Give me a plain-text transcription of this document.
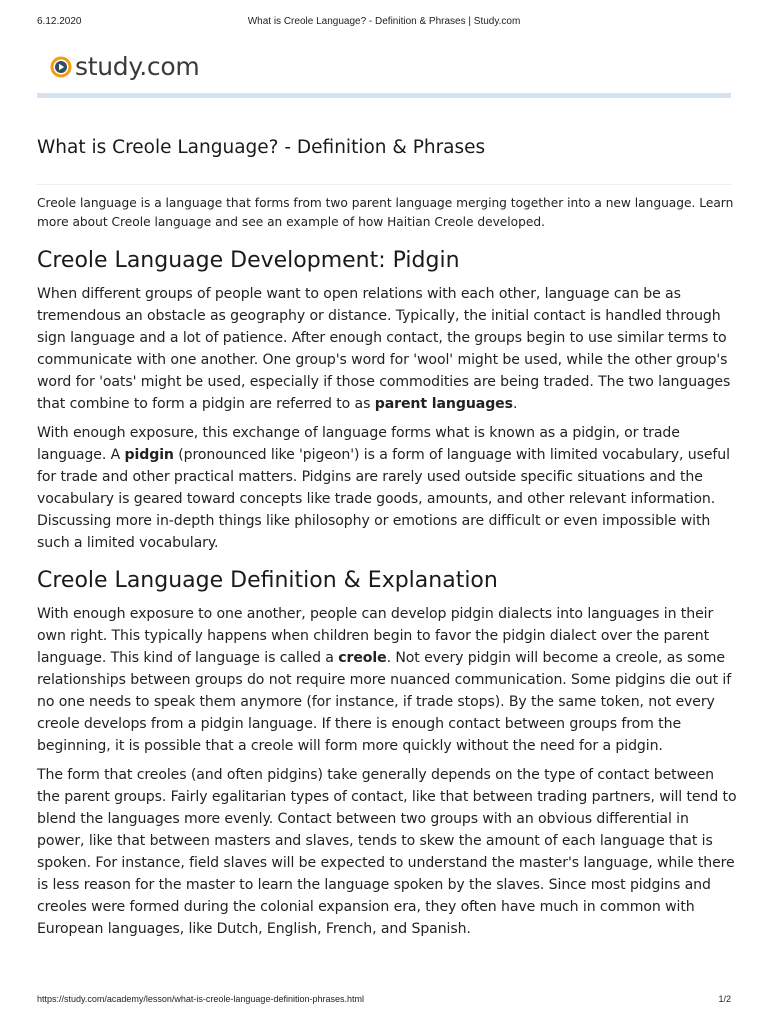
6.12.2020	What is Creole Language? - Definition & Phrases | Study.com
study.com
What is Creole Language? - Definition & Phrases

Creole language is a language that forms from two parent language merging together into a new language. Learn more about Creole language and see an example of how Haitian Creole developed.

Creole Language Development: Pidgin

When different groups of people want to open relations with each other, language can be as tremendous an obstacle as geography or distance. Typically, the initial contact is handled through sign language and a lot of patience. After enough contact, the groups begin to use similar terms to communicate with one another. One group's word for 'wool' might be used, while the other group's word for 'oats' might be used, especially if those commodities are being traded. The two languages that combine to form a pidgin are referred to as parent languages.

With enough exposure, this exchange of language forms what is known as a pidgin, or trade language. A pidgin (pronounced like 'pigeon') is a form of language with limited vocabulary, useful for trade and other practical matters. Pidgins are rarely used outside specific situations and the vocabulary is geared toward concepts like trade goods, amounts, and other relevant information. Discussing more in-depth things like philosophy or emotions are difficult or even impossible with such a limited vocabulary.

Creole Language Definition & Explanation

With enough exposure to one another, people can develop pidgin dialects into languages in their own right. This typically happens when children begin to favor the pidgin dialect over the parent language. This kind of language is called a creole. Not every pidgin will become a creole, as some relationships between groups do not require more nuanced communication. Some pidgins die out if no one needs to speak them anymore (for instance, if trade stops). By the same token, not every creole develops from a pidgin language. If there is enough contact between groups from the beginning, it is possible that a creole will form more quickly without the need for a pidgin.

The form that creoles (and often pidgins) take generally depends on the type of contact between the parent groups. Fairly egalitarian types of contact, like that between trading partners, will tend to blend the languages more evenly. Contact between two groups with an obvious differential in power, like that between masters and slaves, tends to skew the amount of each language that is spoken. For instance, field slaves will be expected to understand the master's language, while there is less reason for the master to learn the language spoken by the slaves. Since most pidgins and creoles were formed during the colonial expansion era, they often have much in common with European languages, like Dutch, English, French, and Spanish.

https://study.com/academy/lesson/what-is-creole-language-definition-phrases.html	1/2
